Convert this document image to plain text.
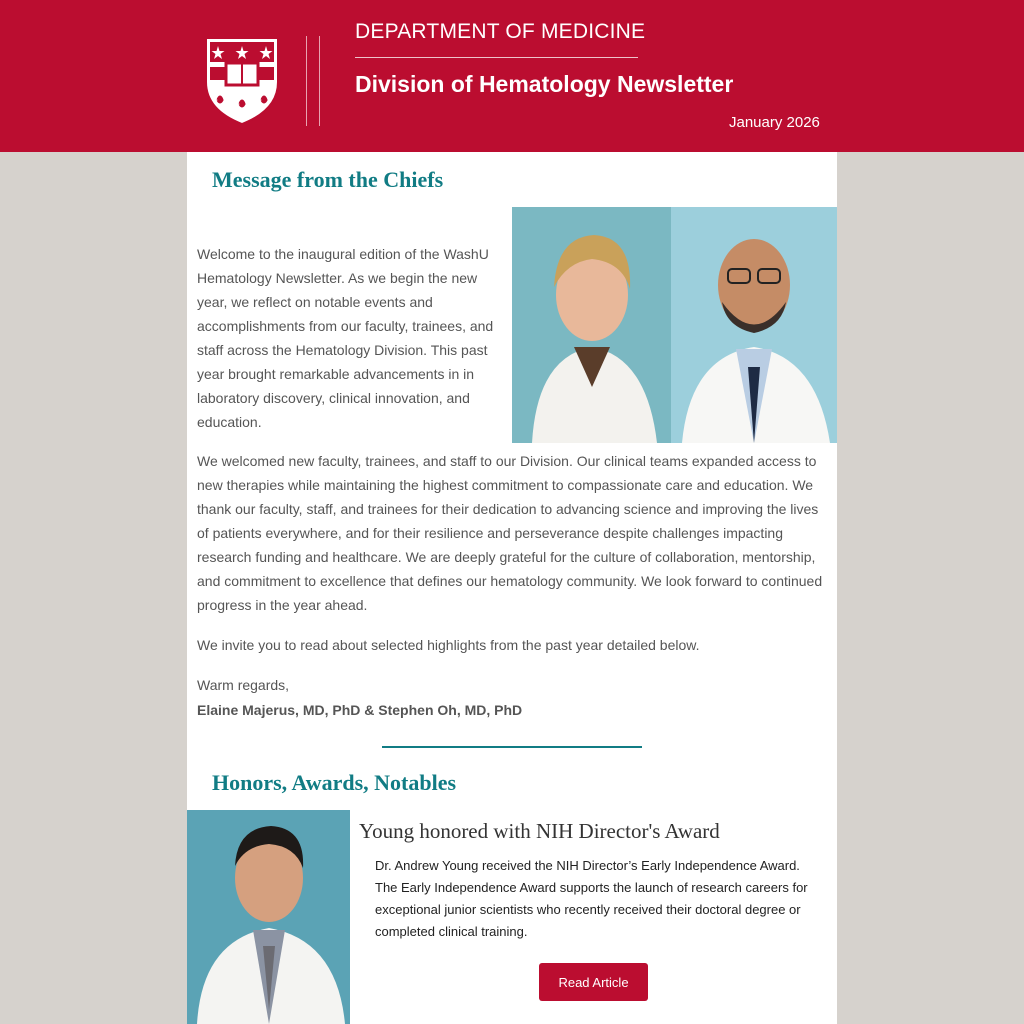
DEPARTMENT OF MEDICINE
Division of Hematology Newsletter
January 2026
Message from the Chiefs
Welcome to the inaugural edition of the WashU Hematology Newsletter. As we begin the new year, we reflect on notable events and accomplishments from our faculty, trainees, and staff across the Hematology Division. This past year brought remarkable advancements in in laboratory discovery, clinical innovation, and education.
We welcomed new faculty, trainees, and staff to our Division. Our clinical teams expanded access to new therapies while maintaining the highest commitment to compassionate care and education. We thank our faculty, staff, and trainees for their dedication to advancing science and improving the lives of patients everywhere, and for their resilience and perseverance despite challenges impacting research funding and healthcare. We are deeply grateful for the culture of collaboration, mentorship, and commitment to excellence that defines our hematology community. We look forward to continued progress in the year ahead.
We invite you to read about selected highlights from the past year detailed below.
Warm regards,
Elaine Majerus, MD, PhD & Stephen Oh, MD, PhD
Honors, Awards, Notables
Young honored with NIH Director's Award
Dr. Andrew Young received the NIH Director’s Early Independence Award. The Early Independence Award supports the launch of research careers for exceptional junior scientists who recently received their doctoral degree or completed clinical training.
Read Article
